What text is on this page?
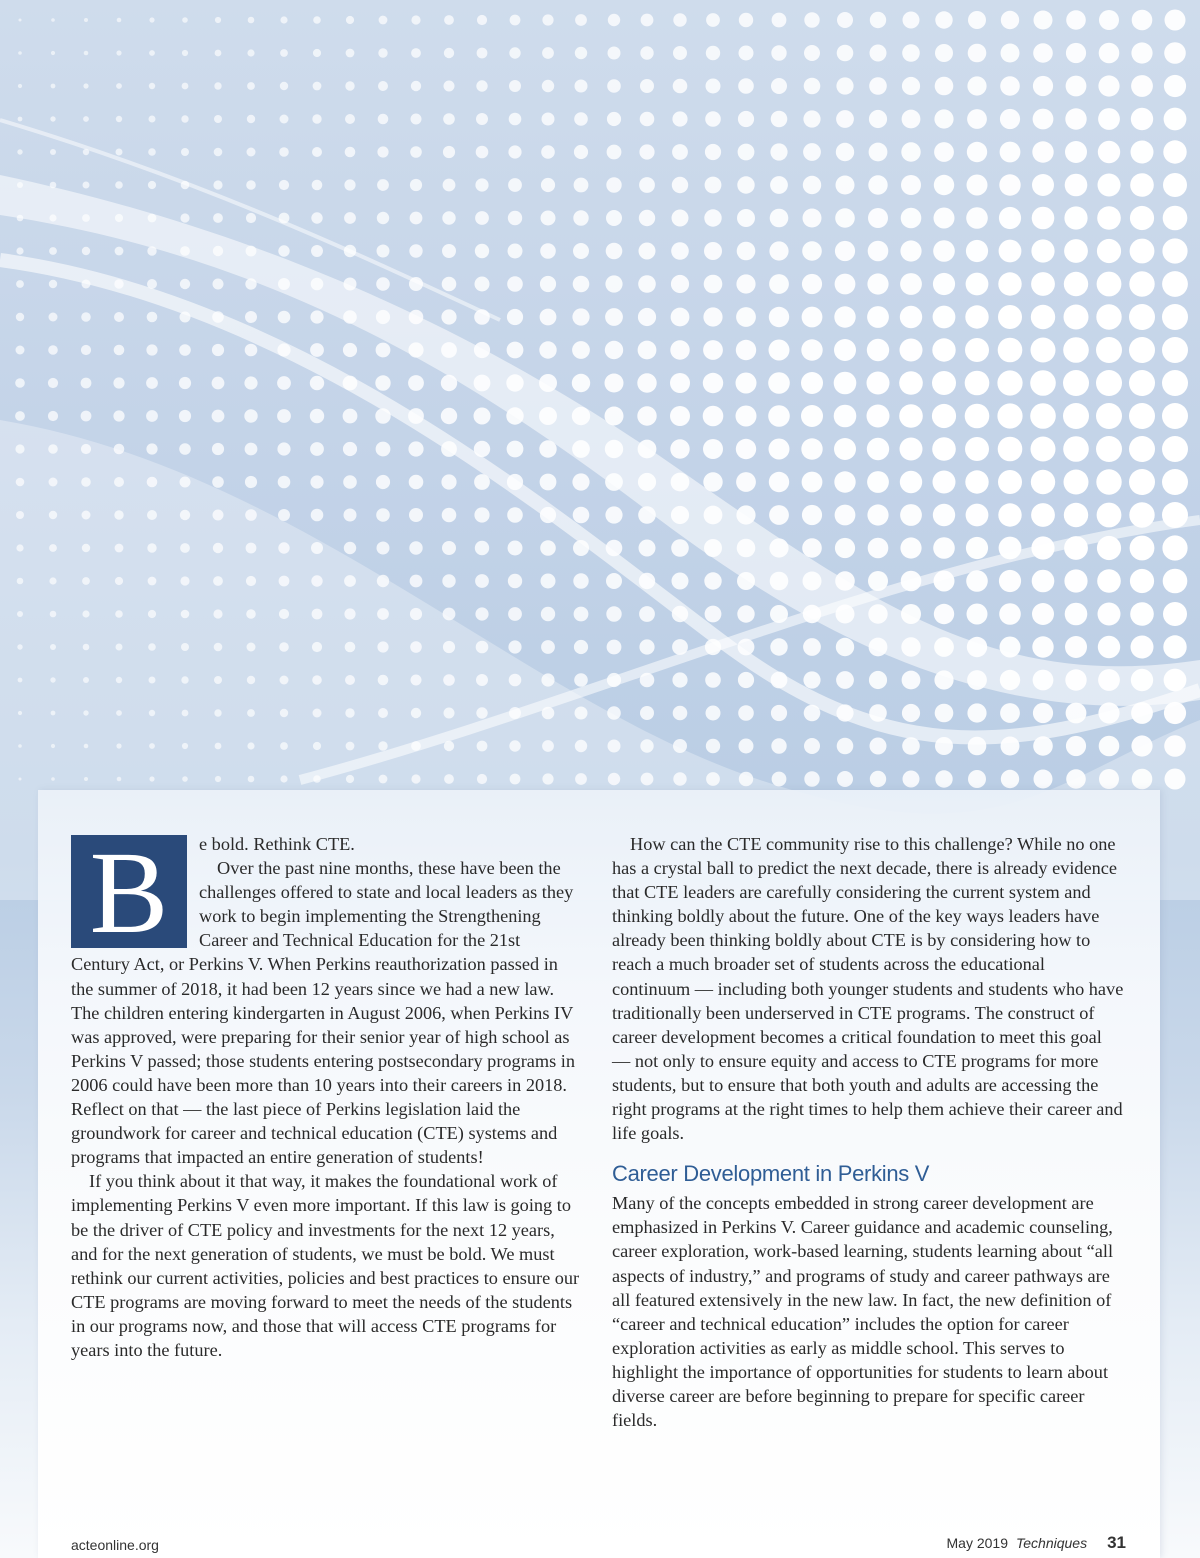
B	e bold. Rethink CTE.

Over the past nine months, these have been the challenges offered to state and local leaders as they work to begin implementing the Strengthening Career and Technical Education for the 21st Century Act, or Perkins V. When Perkins reauthorization passed in the summer of 2018, it had been 12 years since we had a new law. The children entering kindergarten in August 2006, when Perkins IV was approved, were preparing for their senior year of high school as Perkins V passed; those students entering postsecondary programs in 2006 could have been more than 10 years into their careers in 2018. Reflect on that — the last piece of Perkins legislation laid the groundwork for career and technical education (CTE) systems and programs that impacted an entire generation of students!

If you think about it that way, it makes the foundational work of implementing Perkins V even more important. If this law is going to be the driver of CTE policy and investments for the next 12 years, and for the next generation of students, we must be bold. We must rethink our current activities, policies and best practices to ensure our CTE programs are moving forward to meet the needs of the students in our programs now, and those that will access CTE programs for years into the future.

How can the CTE community rise to this challenge? While no one has a crystal ball to predict the next decade, there is already evidence that CTE leaders are carefully considering the current system and thinking boldly about the future. One of the key ways leaders have already been thinking boldly about CTE is by considering how to reach a much broader set of students across the educational continuum — including both younger students and students who have traditionally been underserved in CTE programs. The construct of career development becomes a critical foundation to meet this goal — not only to ensure equity and access to CTE programs for more students, but to ensure that both youth and adults are accessing the right programs at the right times to help them achieve their career and life goals.

Career Development in Perkins V

Many of the concepts embedded in strong career development are emphasized in Perkins V. Career guidance and academic counseling, career exploration, work-based learning, students learning about “all aspects of industry,” and programs of study and career pathways are all featured extensively in the new law. In fact, the new definition of “career and technical education” includes the option for career exploration activities as early as middle school. This serves to highlight the importance of opportunities for students to learn about diverse career are before beginning to prepare for specific career fields.

acteonline.org	May 2019 Techniques 31
